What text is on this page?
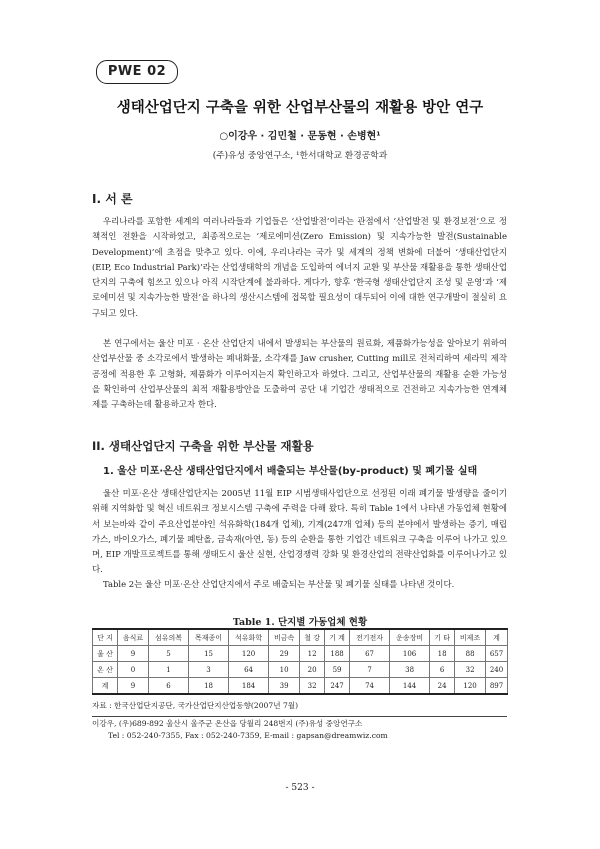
PWE 02
생태산업단지 구축을 위한 산업부산물의 재활용 방안 연구
○이강우 · 김민철 · 문동현 · 손병현¹
(주)유성 중앙연구소, ¹한서대학교 환경공학과
I. 서 론

우리나라를 포함한 세계의 여러나라들과 기업들은 ‘산업발전’이라는 관점에서 ‘산업발전 및 환경보전’으로 정책적인 전환을 시작하였고, 최종적으로는 ‘제로에미션(Zero Emission) 및 지속가능한 발전(Sustainable Development)’에 초점을 맞추고 있다. 이에, 우리나라는 국가 및 세계의 정책 변화에 더불어 ‘생태산업단지(EIP, Eco Industrial Park)’라는 산업생태학의 개념을 도입하여 에너지 교환 및 부산물 재활용을 통한 생태산업단지의 구축에 힘쓰고 있으나 아직 시작단계에 불과하다. 게다가, 향후 ‘한국형 생태산업단지 조성 및 운영’과 ‘제로에미션 및 지속가능한 발전’을 하나의 생산시스템에 접목할 필요성이 대두되어 이에 대한 연구개발이 절실히 요구되고 있다.

본 연구에서는 울산 미포 · 온산 산업단지 내에서 발생되는 부산물의 원료화, 제품화가능성을 알아보기 위하여 산업부산물 중 소각로에서 발생하는 폐내화물, 소각재를 Jaw crusher, Cutting mill로 전처리하여 세라믹 제작공정에 적용한 후 고형화, 제품화가 이루어지는지 확인하고자 하였다. 그리고, 산업부산물의 재활용 순환 가능성을 확인하여 산업부산물의 최적 재활용방안을 도출하여 공단 내 기업간 생태적으로 건전하고 지속가능한 연계체제를 구축하는데 활용하고자 한다.

II. 생태산업단지 구축을 위한 부산물 재활용
1. 울산 미포·온산 생태산업단지에서 배출되는 부산물(by-product) 및 폐기물 실태

울산 미포·온산 생태산업단지는 2005년 11월 EIP 시범생태사업단으로 선정된 이래 폐기물 발생량을 줄이기 위해 지역화합 및 혁신 네트워크 정보시스템 구축에 주력을 다해 왔다. 특히 Table 1에서 나타낸 가동업체 현황에서 보는바와 같이 주요산업분야인 석유화학(184개 업체), 기계(247개 업체) 등의 분야에서 발생하는 증기, 매립가스, 바이오가스, 폐기물 폐탄올, 금속재(아연, 동) 등의 순환을 통한 기업간 네트워크 구축을 이루어 나가고 있으며, EIP 개발프로젝트를 통해 생태도시 울산 실현, 산업경쟁력 강화 및 환경산업의 전략산업화를 이루어나가고 있다.

Table 2는 울산 미포·온산 산업단지에서 주로 배출되는 부산물 및 폐기물 실태를 나타낸 것이다.

Table 1. 단지별 가동업체 현황
단 지	음식료	섬유의복	목재종이	석유화학	비금속	철 강	기 계	전기전자	운송장비	기 타	비제조	계
울 산	9	5	15	120	29	12	188	67	106	18	88	657
온 산	0	1	3	64	10	20	59	7	38	6	32	240
계	9	6	18	184	39	32	247	74	144	24	120	897
자료 : 한국산업단지공단, 국가산업단지산업동향(2007년 7월)
이강우, (우)689-892 울산시 울주군 온산읍 당월리 248번지 (주)유성 중앙연구소
Tel : 052-240-7355, Fax : 052-240-7359, E-mail : gapsan@dreamwiz.com
- 523 -
